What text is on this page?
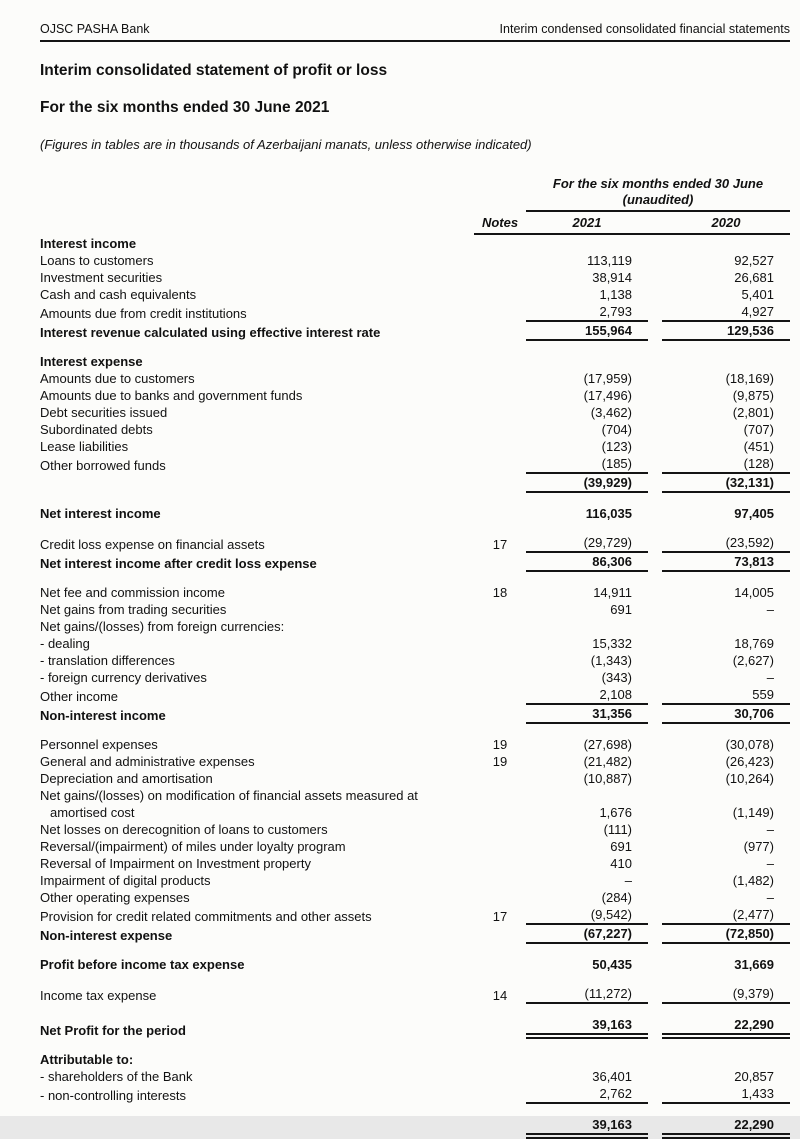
OJSC PASHA Bank	Interim condensed consolidated financial statements
Interim consolidated statement of profit or loss
For the six months ended 30 June 2021
(Figures in tables are in thousands of Azerbaijani manats, unless otherwise indicated)
For the six months ended 30 June
(unaudited)
Notes	2021	2020
Interest income
Loans to customers	113,119	92,527
Investment securities	38,914	26,681
Cash and cash equivalents	1,138	5,401
Amounts due from credit institutions	2,793	4,927
Interest revenue calculated using effective interest rate	155,964	129,536
Interest expense
Amounts due to customers	(17,959)	(18,169)
Amounts due to banks and government funds	(17,496)	(9,875)
Debt securities issued	(3,462)	(2,801)
Subordinated debts	(704)	(707)
Lease liabilities	(123)	(451)
Other borrowed funds	(185)	(128)
(39,929)	(32,131)
Net interest income	116,035	97,405
Credit loss expense on financial assets	17	(29,729)	(23,592)
Net interest income after credit loss expense	86,306	73,813
Net fee and commission income	18	14,911	14,005
Net gains from trading securities	691	–
Net gains/(losses) from foreign currencies:
- dealing	15,332	18,769
- translation differences	(1,343)	(2,627)
- foreign currency derivatives	(343)	–
Other income	2,108	559
Non-interest income	31,356	30,706
Personnel expenses	19	(27,698)	(30,078)
General and administrative expenses	19	(21,482)	(26,423)
Depreciation and amortisation	(10,887)	(10,264)
Net gains/(losses) on modification of financial assets measured at
amortised cost	1,676	(1,149)
Net losses on derecognition of loans to customers	(111)	–
Reversal/(impairment) of miles under loyalty program	691	(977)
Reversal of Impairment on Investment property	410	–
Impairment of digital products	–	(1,482)
Other operating expenses	(284)	–
Provision for credit related commitments and other assets	17	(9,542)	(2,477)
Non-interest expense	(67,227)	(72,850)
Profit before income tax expense	50,435	31,669
Income tax expense	14	(11,272)	(9,379)
Net Profit for the period	39,163	22,290
Attributable to:
- shareholders of the Bank	36,401	20,857
- non-controlling interests	2,762	1,433
39,163	22,290
